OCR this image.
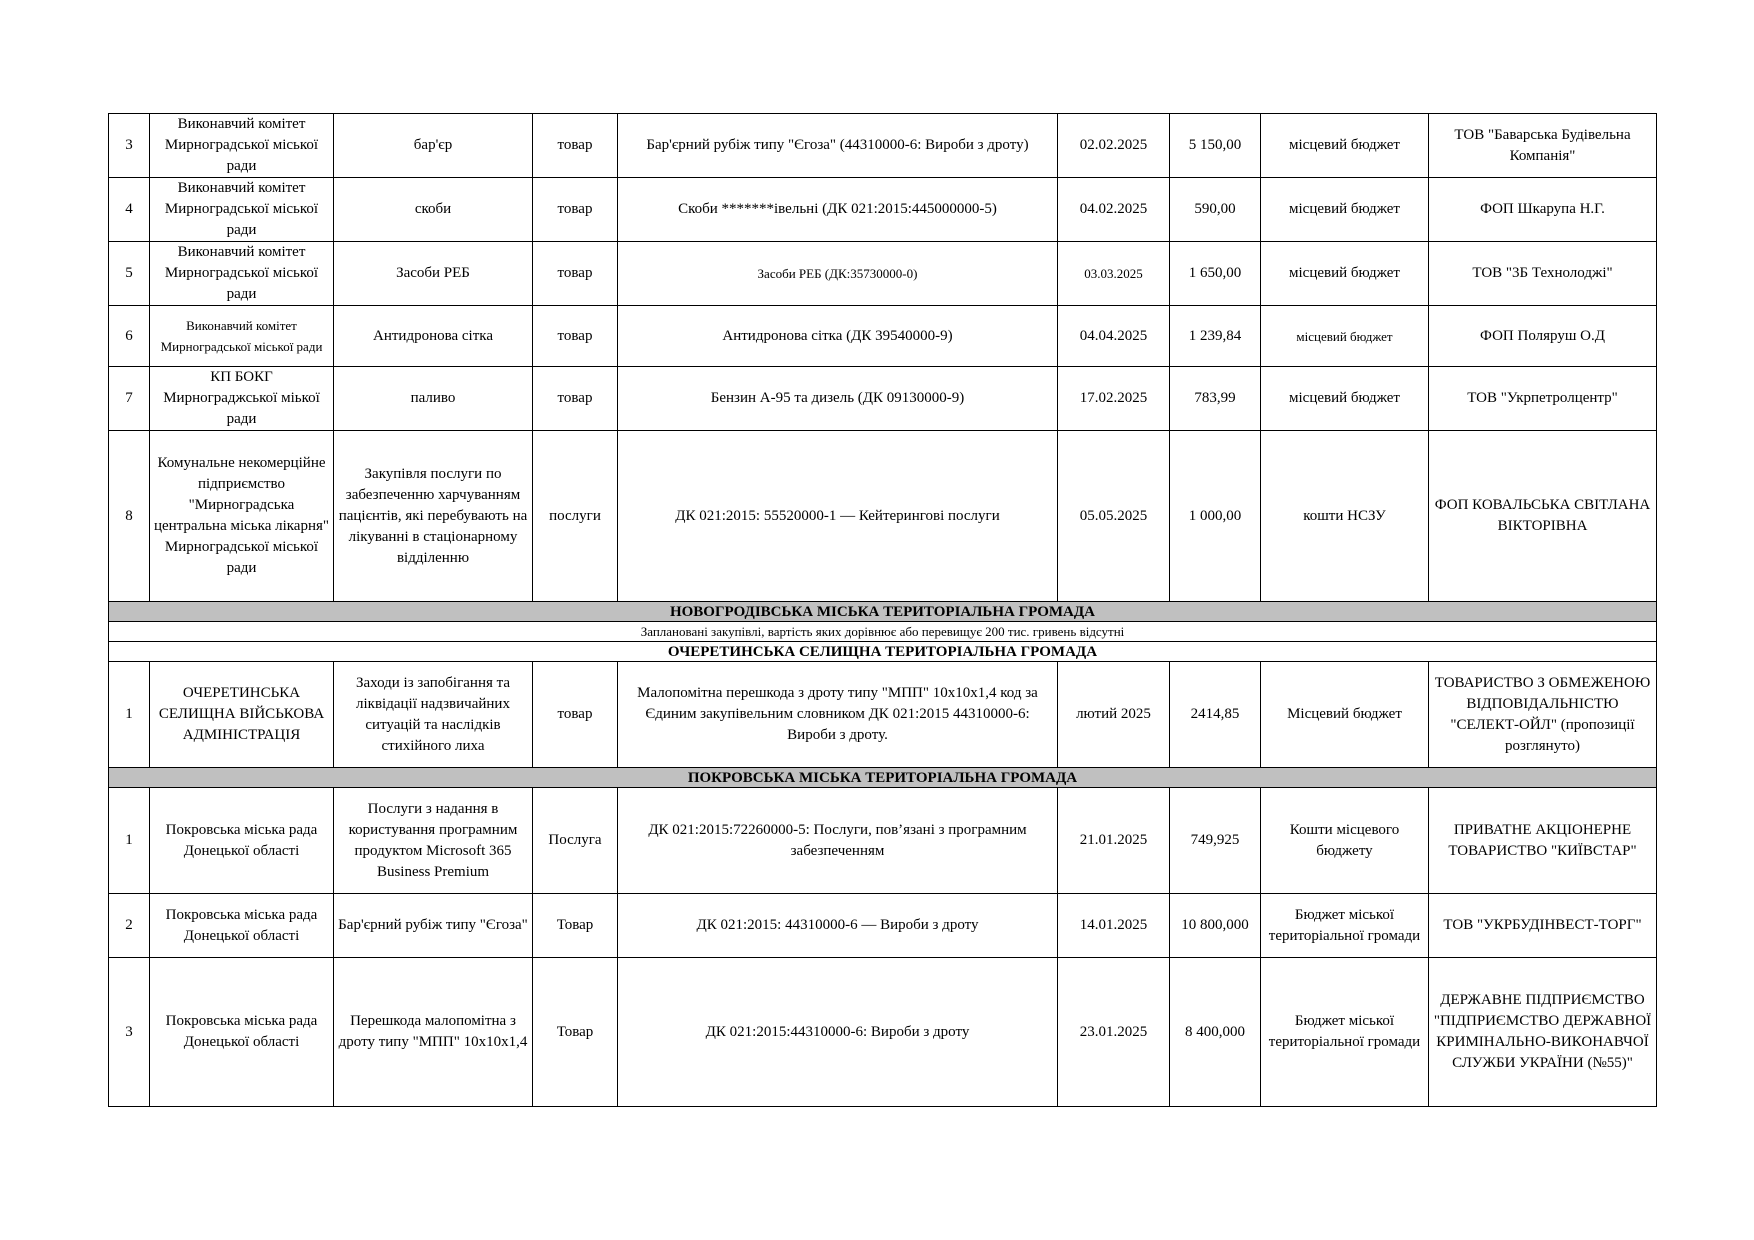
3	Виконавчий комітет Мирноградської міської ради	бар'єр	товар	Бар'єрний рубіж типу "Єгоза" (44310000-6: Вироби з дроту)	02.02.2025	5 150,00	місцевий бюджет	ТОВ "Баварська Будівельна Компанія"
4	Виконавчий комітет Мирноградської міської ради	скоби	товар	Скоби *******івельні (ДК 021:2015:445000000-5)	04.02.2025	590,00	місцевий бюджет	ФОП Шкарупа Н.Г.
5	Виконавчий комітет Мирноградської міської ради	Засоби РЕБ	товар	Засоби РЕБ (ДК:35730000-0)	03.03.2025	1 650,00	місцевий бюджет	ТОВ "3Б Технолоджі"
6	Виконавчий комітет Мирноградської міської ради	Антидронова сітка	товар	Антидронова сітка (ДК 39540000-9)	04.04.2025	1 239,84	місцевий бюджет	ФОП Поляруш О.Д
7	КП БОКГ Мирнограджської міької ради	паливо	товар	Бензин А-95 та дизель (ДК 09130000-9)	17.02.2025	783,99	місцевий бюджет	ТОВ "Укрпетролцентр"
8	Комунальне некомерційне підприємство "Мирноградська центральна міська лікарня" Мирноградської міської ради	Закупівля послуги по забезпеченню харчуванням пацієнтів, які перебувають на лікуванні в стаціонарному відділенню	послуги	ДК 021:2015: 55520000-1 — Кейтерингові послуги	05.05.2025	1 000,00	кошти НСЗУ	ФОП КОВАЛЬСЬКА СВІТЛАНА ВІКТОРІВНА
НОВОГРОДІВСЬКА МІСЬКА ТЕРИТОРІАЛЬНА ГРОМАДА								
Заплановані закупівлі, вартість яких дорівнює або перевищує 200 тис. гривень відсутні								
ОЧЕРЕТИНСЬКА СЕЛИЩНА ТЕРИТОРІАЛЬНА ГРОМАДА								
1	ОЧЕРЕТИНСЬКА СЕЛИЩНА ВІЙСЬКОВА АДМІНІСТРАЦІЯ	Заходи із запобігання та ліквідації надзвичайних ситуацій та наслідків стихійного лиха	товар	Малопомітна перешкода з дроту типу "МПП" 10х10х1,4 код за Єдиним закупівельним словником ДК 021:2015 44310000-6: Вироби з дроту.	лютий 2025	2414,85	Місцевий бюджет	ТОВАРИСТВО З ОБМЕЖЕНОЮ ВІДПОВІДАЛЬНІСТЮ "СЕЛЕКТ-ОЙЛ" (пропозиції розглянуто)
ПОКРОВСЬКА МІСЬКА ТЕРИТОРІАЛЬНА ГРОМАДА								
1	Покровська міська рада Донецької області	Послуги з надання в користування програмним продуктом Microsoft 365 Business Premium	Послуга	ДК 021:2015:72260000-5: Послуги, пов’язані з програмним забезпеченням	21.01.2025	749,925	Кошти місцевого бюджету	ПРИВАТНЕ АКЦІОНЕРНЕ ТОВАРИСТВО "КИЇВСТАР"
2	Покровська міська рада Донецької області	Бар'єрний рубіж типу "Єгоза"	Товар	ДК 021:2015: 44310000-6 — Вироби з дроту	14.01.2025	10 800,000	Бюджет міської територіальної громади	ТОВ "УКРБУДІНВЕСТ-ТОРГ"
3	Покровська міська рада Донецької області	Перешкода малопомітна з дроту типу "МПП" 10х10х1,4	Товар	ДК 021:2015:44310000-6: Вироби з дроту	23.01.2025	8 400,000	Бюджет міської територіальної громади	ДЕРЖАВНЕ ПІДПРИЄМСТВО "ПІДПРИЄМСТВО ДЕРЖАВНОЇ КРИМІНАЛЬНО-ВИКОНАВЧОЇ СЛУЖБИ УКРАЇНИ (№55)"
